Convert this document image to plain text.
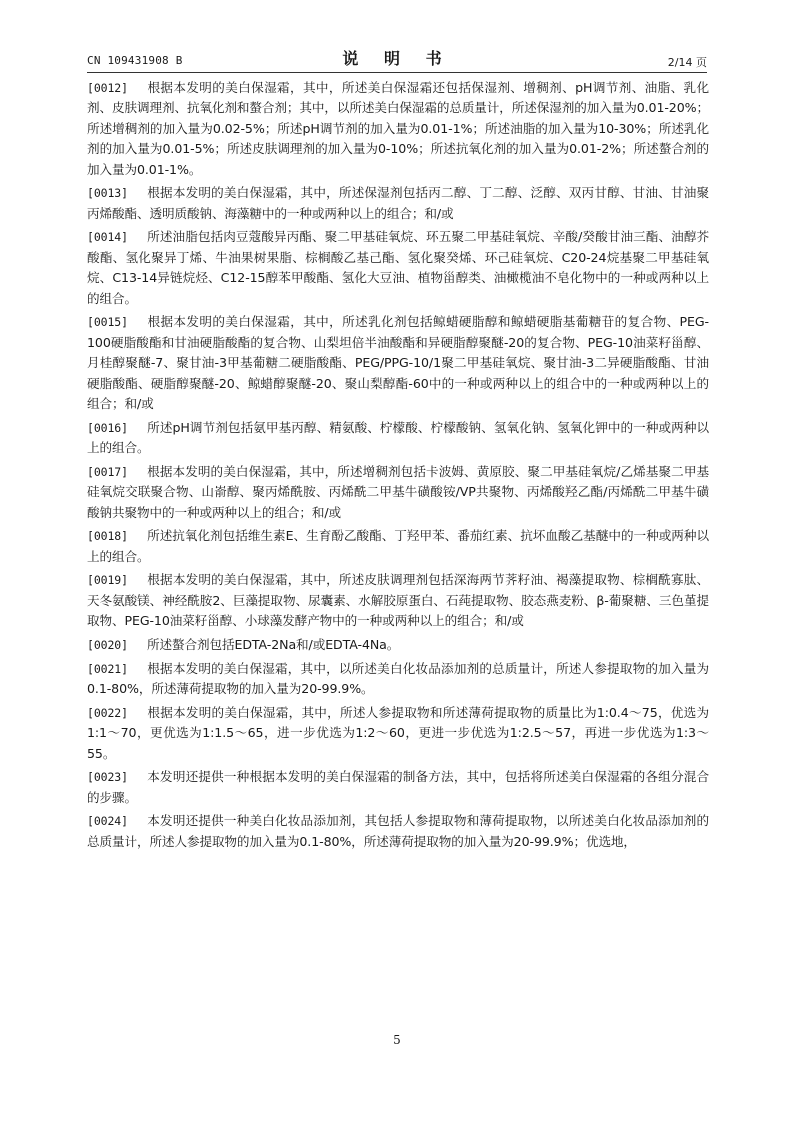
CN 109431908 B	说 明 书	2/14 页

[0012] 根据本发明的美白保湿霜，其中，所述美白保湿霜还包括保湿剂、增稠剂、pH调节剂、油脂、乳化剂、皮肤调理剂、抗氧化剂和螯合剂；其中，以所述美白保湿霜的总质量计，所述保湿剂的加入量为0.01-20%；所述增稠剂的加入量为0.02-5%；所述pH调节剂的加入量为0.01-1%；所述油脂的加入量为10-30%；所述乳化剂的加入量为0.01-5%；所述皮肤调理剂的加入量为0-10%；所述抗氧化剂的加入量为0.01-2%；所述螯合剂的加入量为0.01-1%。

[0013] 根据本发明的美白保湿霜，其中，所述保湿剂包括丙二醇、丁二醇、泛醇、双丙甘醇、甘油、甘油聚丙烯酸酯、透明质酸钠、海藻糖中的一种或两种以上的组合；和/或

[0014] 所述油脂包括肉豆蔻酸异丙酯、聚二甲基硅氧烷、环五聚二甲基硅氧烷、辛酸/癸酸甘油三酯、油醇芥酸酯、氢化聚异丁烯、牛油果树果脂、棕榈酸乙基己酯、氢化聚癸烯、环己硅氧烷、C20-24烷基聚二甲基硅氧烷、C13-14异链烷烃、C12-15醇苯甲酸酯、氢化大豆油、植物甾醇类、油橄榄油不皂化物中的一种或两种以上的组合。

[0015] 根据本发明的美白保湿霜，其中，所述乳化剂包括鲸蜡硬脂醇和鲸蜡硬脂基葡糖苷的复合物、PEG-100硬脂酸酯和甘油硬脂酸酯的复合物、山梨坦倍半油酸酯和异硬脂醇聚醚-20的复合物、PEG-10油菜籽甾醇、月桂醇聚醚-7、聚甘油-3甲基葡糖二硬脂酸酯、PEG/PPG-10/1聚二甲基硅氧烷、聚甘油-3二异硬脂酸酯、甘油硬脂酸酯、硬脂醇聚醚-20、鲸蜡醇聚醚-20、聚山梨醇酯-60中的一种或两种以上的组合中的一种或两种以上的组合；和/或

[0016] 所述pH调节剂包括氨甲基丙醇、精氨酸、柠檬酸、柠檬酸钠、氢氧化钠、氢氧化钾中的一种或两种以上的组合。

[0017] 根据本发明的美白保湿霜，其中，所述增稠剂包括卡波姆、黄原胶、聚二甲基硅氧烷/乙烯基聚二甲基硅氧烷交联聚合物、山嵛醇、聚丙烯酰胺、丙烯酰二甲基牛磺酸铵/VP共聚物、丙烯酸羟乙酯/丙烯酰二甲基牛磺酸钠共聚物中的一种或两种以上的组合；和/或

[0018] 所述抗氧化剂包括维生素E、生育酚乙酸酯、丁羟甲苯、番茄红素、抗坏血酸乙基醚中的一种或两种以上的组合。

[0019] 根据本发明的美白保湿霜，其中，所述皮肤调理剂包括深海两节荠籽油、褐藻提取物、棕榈酰寡肽、天冬氨酸镁、神经酰胺2、巨藻提取物、尿囊素、水解胶原蛋白、石莼提取物、胶态燕麦粉、β-葡聚糖、三色堇提取物、PEG-10油菜籽甾醇、小球藻发酵产物中的一种或两种以上的组合；和/或

[0020] 所述螯合剂包括EDTA-2Na和/或EDTA-4Na。

[0021] 根据本发明的美白保湿霜，其中，以所述美白化妆品添加剂的总质量计，所述人参提取物的加入量为0.1-80%，所述薄荷提取物的加入量为20-99.9%。

[0022] 根据本发明的美白保湿霜，其中，所述人参提取物和所述薄荷提取物的质量比为1:0.4～75，优选为1:1～70，更优选为1:1.5～65，进一步优选为1:2～60，更进一步优选为1:2.5～57，再进一步优选为1:3～55。

[0023] 本发明还提供一种根据本发明的美白保湿霜的制备方法，其中，包括将所述美白保湿霜的各组分混合的步骤。

[0024] 本发明还提供一种美白化妆品添加剂，其包括人参提取物和薄荷提取物，以所述美白化妆品添加剂的总质量计，所述人参提取物的加入量为0.1-80%，所述薄荷提取物的加入量为20-99.9%；优选地，

5
